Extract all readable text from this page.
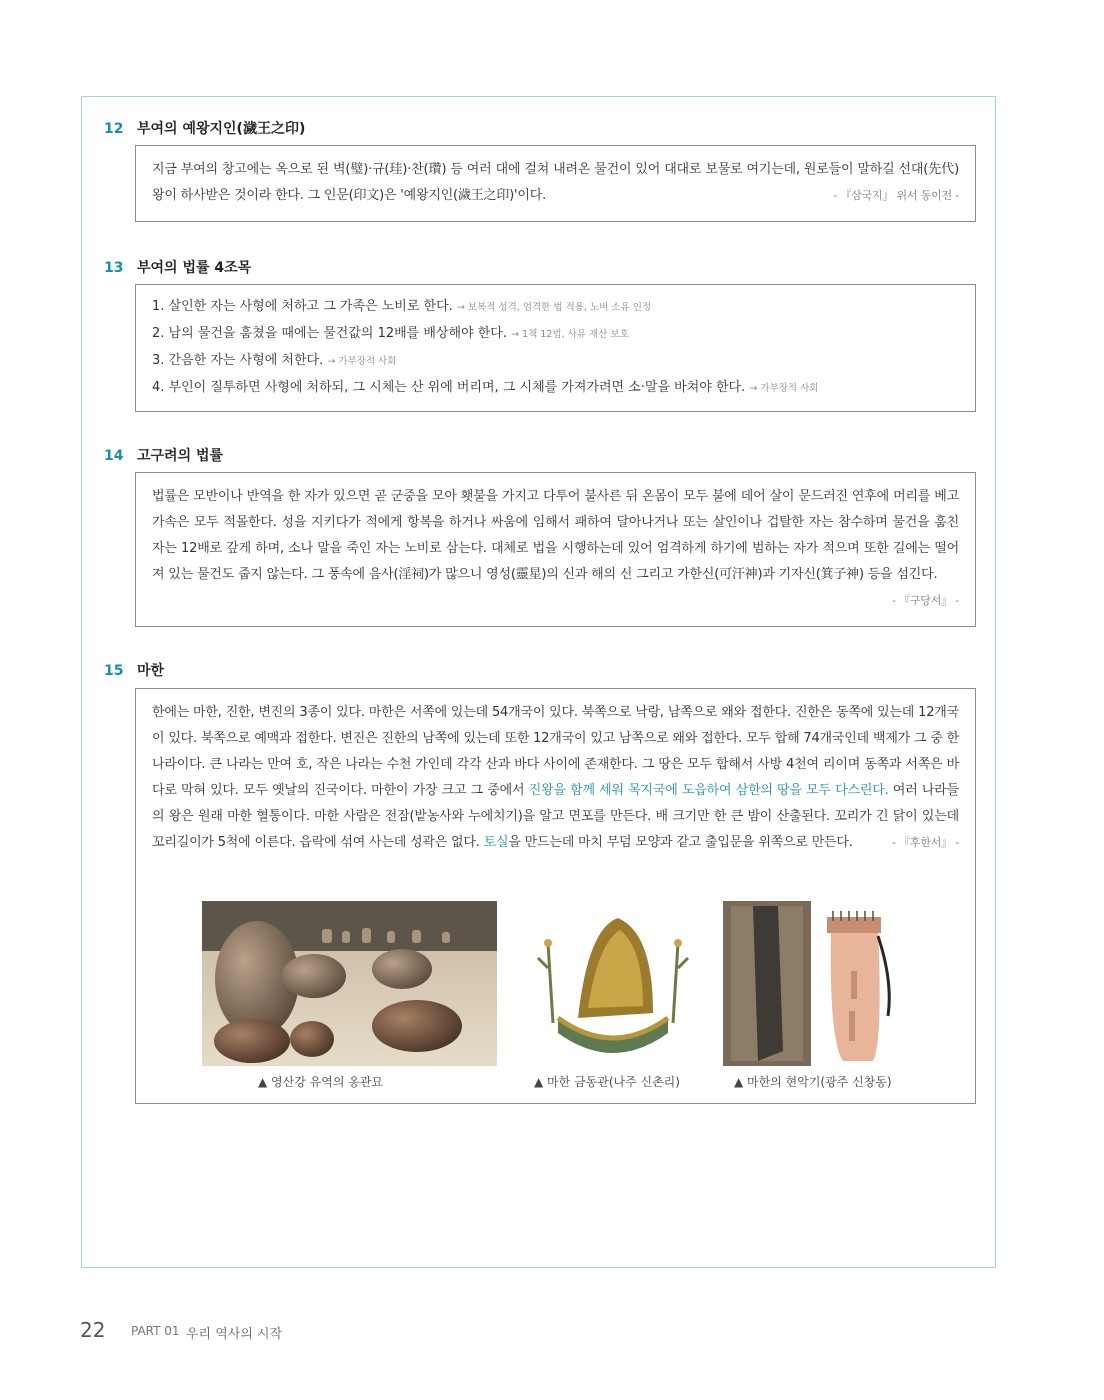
12 부여의 예왕지인(濊王之印)

지금 부여의 창고에는 옥으로 된 벽(璧)·규(珪)·찬(瓚) 등 여러 대에 걸쳐 내려온 물건이 있어 대대로 보물로 여기는데, 원로들이 말하길 선대(先代) 왕이 하사받은 것이라 한다. 그 인문(印文)은 '예왕지인(濊王之印)'이다.	- 『삼국지』 위서 동이전 -

13 부여의 법률 4조목
1. 살인한 자는 사형에 처하고 그 가족은 노비로 한다. → 보복적 성격, 엄격한 법 적용, 노비 소유 인정
2. 남의 물건을 훔쳤을 때에는 물건값의 12배를 배상해야 한다. → 1책 12법, 사유 재산 보호
3. 간음한 자는 사형에 처한다. → 가부장적 사회
4. 부인이 질투하면 사형에 처하되, 그 시체는 산 위에 버리며, 그 시체를 가져가려면 소·말을 바쳐야 한다. → 가부장적 사회
14 고구려의 법률

법률은 모반이나 반역을 한 자가 있으면 곧 군중을 모아 횃불을 가지고 다투어 불사른 뒤 온몸이 모두 불에 데어 살이 문드러진 연후에 머리를 베고 가속은 모두 적몰한다. 성을 지키다가 적에게 항복을 하거나 싸움에 임해서 패하여 달아나거나 또는 살인이나 겁탈한 자는 참수하며 물건을 훔친 자는 12배로 갚게 하며, 소나 말을 죽인 자는 노비로 삼는다. 대체로 법을 시행하는데 있어 엄격하게 하기에 범하는 자가 적으며 또한 길에는 떨어져 있는 물건도 줍지 않는다. 그 풍속에 음사(淫祠)가 많으니 영성(靈星)의 신과 해의 신 그리고 가한신(可汗神)과 기자신(箕子神) 등을 섬긴다.
- 『구당서』 -

15 마한

한에는 마한, 진한, 변진의 3종이 있다. 마한은 서쪽에 있는데 54개국이 있다. 북쪽으로 낙랑, 남쪽으로 왜와 접한다. 진한은 동쪽에 있는데 12개국이 있다. 북쪽으로 예맥과 접한다. 변진은 진한의 남쪽에 있는데 또한 12개국이 있고 남쪽으로 왜와 접한다. 모두 합해 74개국인데 백제가 그 중 한 나라이다. 큰 나라는 만여 호, 작은 나라는 수천 가인데 각각 산과 바다 사이에 존재한다. 그 땅은 모두 합해서 사방 4천여 리이며 동쪽과 서쪽은 바다로 막혀 있다. 모두 옛날의 진국이다. 마한이 가장 크고 그 중에서 진왕을 함께 세워 목지국에 도읍하여 삼한의 땅을 모두 다스린다. 여러 나라들의 왕은 원래 마한 혈통이다. 마한 사람은 전잠(밭농사와 누에치기)을 알고 면포를 만든다. 배 크기만 한 큰 밤이 산출된다. 꼬리가 긴 닭이 있는데 꼬리길이가 5척에 이른다. 읍락에 섞여 사는데 성곽은 없다. 토실을 만드는데 마치 무덤 모양과 같고 출입문을 위쪽으로 만든다.	- 『후한서』 -

▲ 영산강 유역의 옹관묘	▲ 마한 금동관(나주 신촌리)	▲ 마한의 현악기(광주 신창동)
22 PART 01 우리 역사의 시작
